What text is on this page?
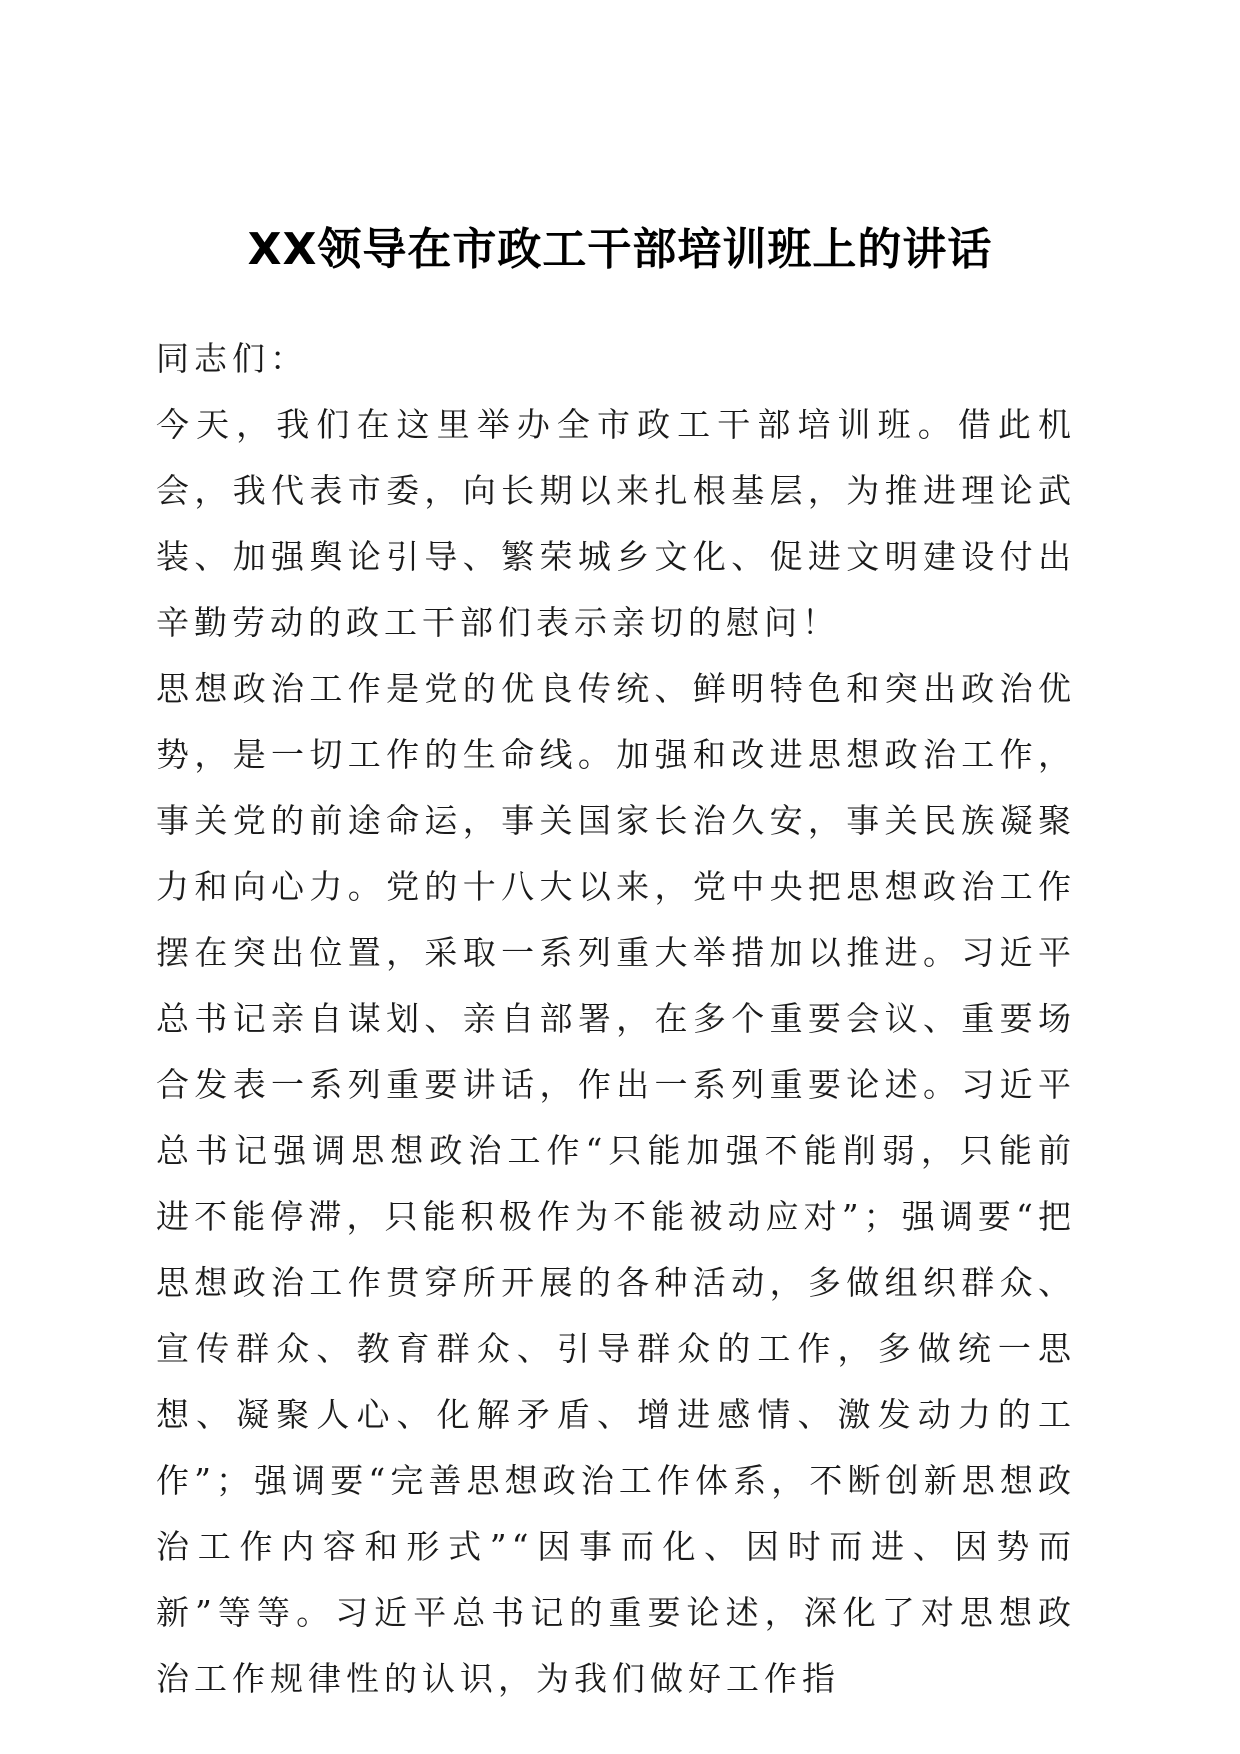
XX领导在市政工干部培训班上的讲话

同志们：

今天，我们在这里举办全市政工干部培训班。借此机会，我代表市委，向长期以来扎根基层，为推进理论武装、加强舆论引导、繁荣城乡文化、促进文明建设付出辛勤劳动的政工干部们表示亲切的慰问！

思想政治工作是党的优良传统、鲜明特色和突出政治优势，是一切工作的生命线。加强和改进思想政治工作，事关党的前途命运，事关国家长治久安，事关民族凝聚力和向心力。党的十八大以来，党中央把思想政治工作摆在突出位置，采取一系列重大举措加以推进。习近平总书记亲自谋划、亲自部署，在多个重要会议、重要场合发表一系列重要讲话，作出一系列重要论述。习近平总书记强调思想政治工作“只能加强不能削弱，只能前进不能停滞，只能积极作为不能被动应对”；强调要“把思想政治工作贯穿所开展的各种活动，多做组织群众、宣传群众、教育群众、引导群众的工作，多做统一思想、凝聚人心、化解矛盾、增进感情、激发动力的工作”；强调要“完善思想政治工作体系，不断创新思想政治工作内容和形式”“因事而化、因时而进、因势而新”等等。习近平总书记的重要论述，深化了对思想政治工作规律性的认识，为我们做好工作指
